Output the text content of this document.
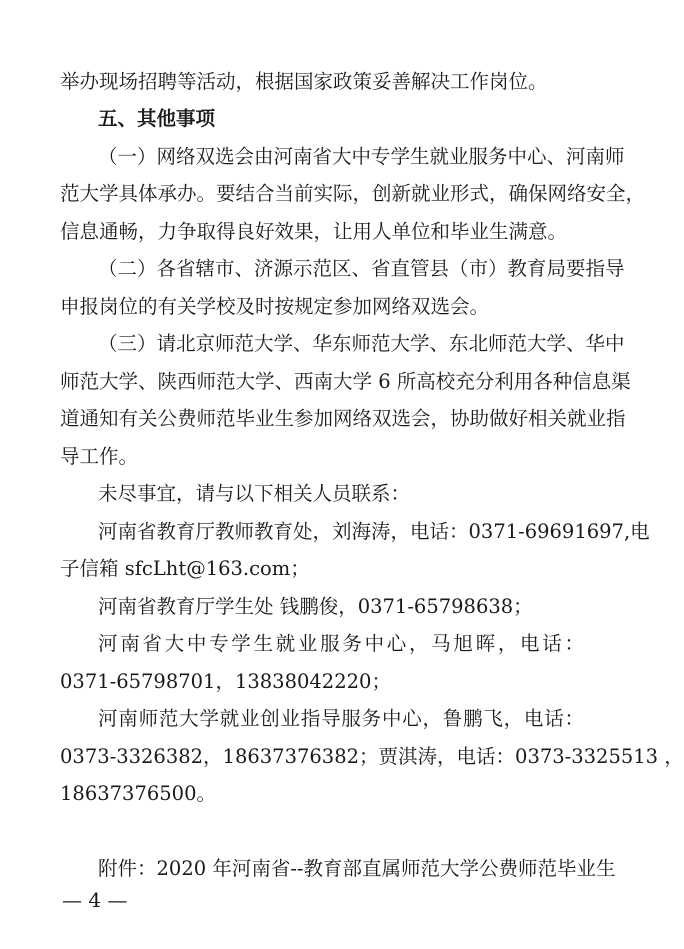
举办现场招聘等活动，根据国家政策妥善解决工作岗位。
五、其他事项
（一）网络双选会由河南省大中专学生就业服务中心、河南师
范大学具体承办。要结合当前实际，创新就业形式，确保网络安全，
信息通畅，力争取得良好效果，让用人单位和毕业生满意。
（二）各省辖市、济源示范区、省直管县（市）教育局要指导
申报岗位的有关学校及时按规定参加网络双选会。
（三）请北京师范大学、华东师范大学、东北师范大学、华中
师范大学、陕西师范大学、西南大学 6 所高校充分利用各种信息渠
道通知有关公费师范毕业生参加网络双选会，协助做好相关就业指
导工作。
未尽事宜，请与以下相关人员联系：
河南省教育厅教师教育处，刘海涛，电话：0371-69691697,电
子信箱 sfcLht@163.com；
河南省教育厅学生处 钱鹏俊，0371-65798638；
河南省大中专学生就业服务中心，马旭晖，电话：
0371-65798701，13838042220；
河南师范大学就业创业指导服务中心，鲁鹏飞，电话：
0373-3326382，18637376382；贾淇涛，电话：0373-3325513 ，
18637376500。
附件：2020 年河南省--教育部直属师范大学公费师范毕业生
— 4 —
